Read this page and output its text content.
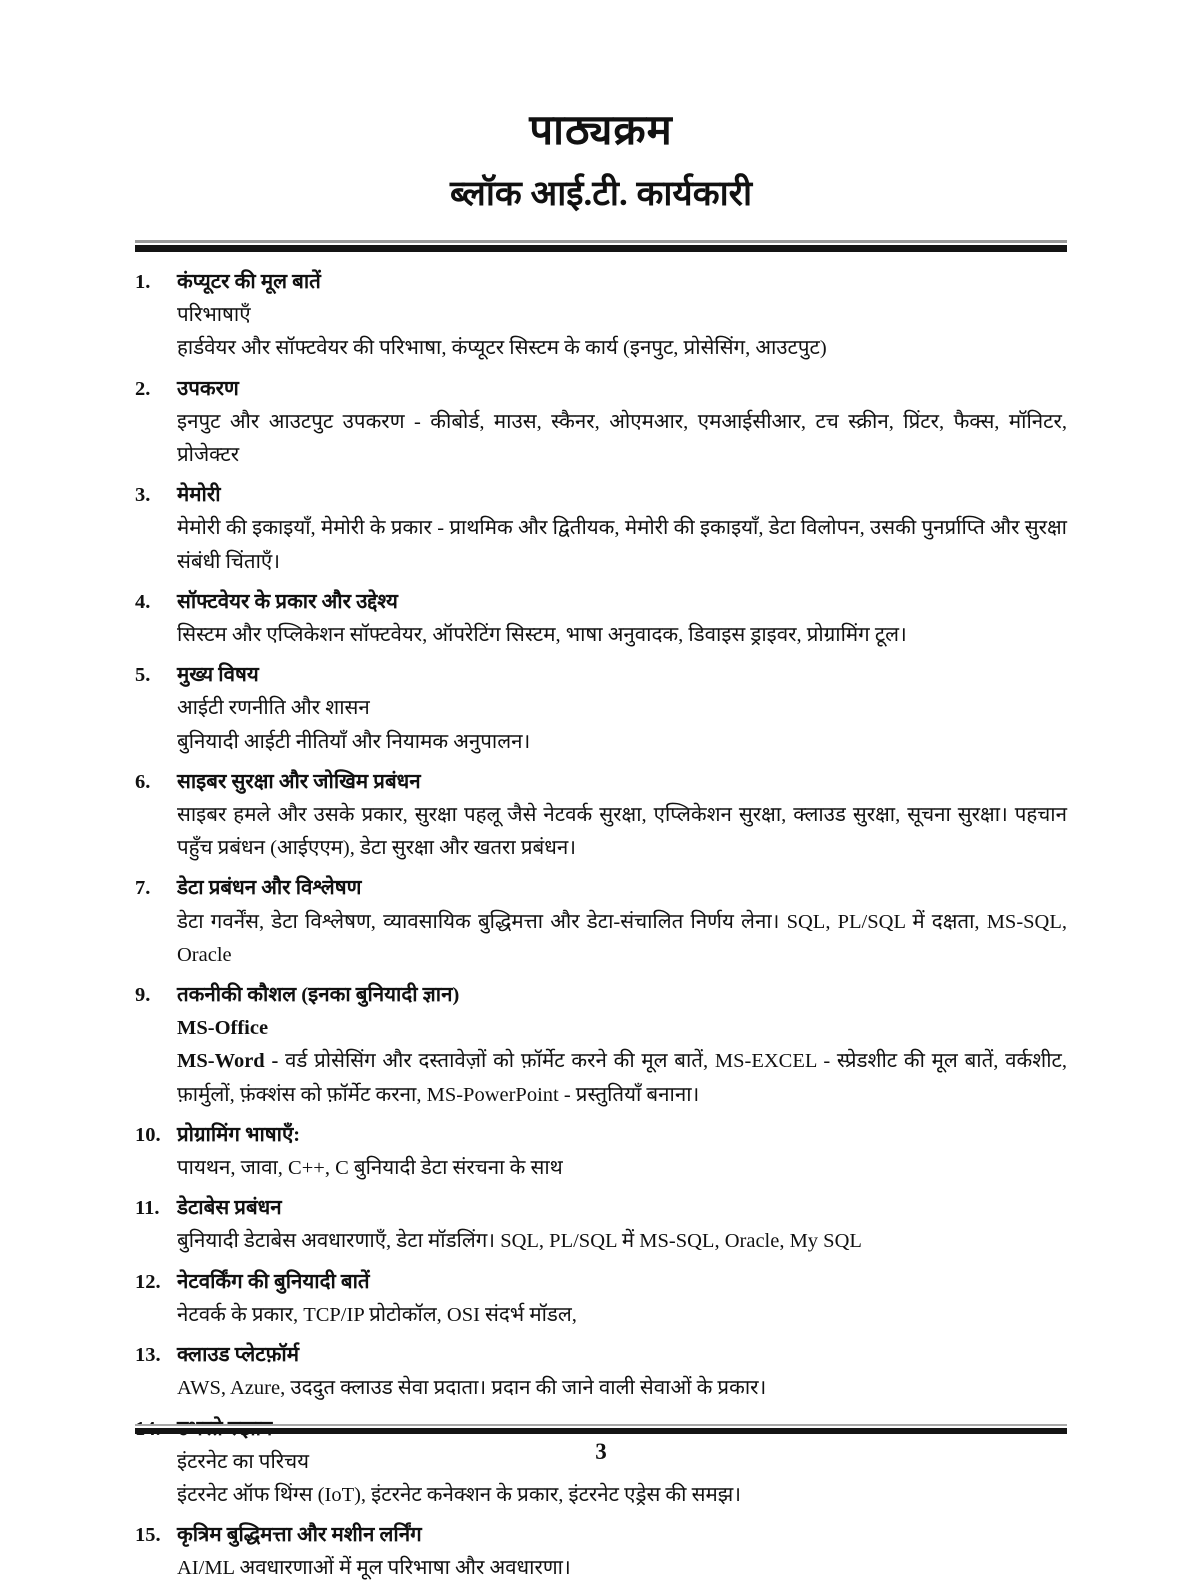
पाठ्यक्रम
ब्लॉक आई.टी. कार्यकारी
1.	कंप्यूटर की मूल बातें
परिभाषाएँ
हार्डवेयर और सॉफ्टवेयर की परिभाषा, कंप्यूटर सिस्टम के कार्य (इनपुट, प्रोसेसिंग, आउटपुट)
2.	उपकरण
इनपुट और आउटपुट उपकरण - कीबोर्ड, माउस, स्कैनर, ओएमआर, एमआईसीआर, टच स्क्रीन, प्रिंटर, फैक्स, मॉनिटर, प्रोजेक्टर
3.	मेमोरी
मेमोरी की इकाइयाँ, मेमोरी के प्रकार - प्राथमिक और द्वितीयक, मेमोरी की इकाइयाँ, डेटा विलोपन, उसकी पुनर्प्राप्ति और सुरक्षा संबंधी चिंताएँ।
4.	सॉफ्टवेयर के प्रकार और उद्देश्य
सिस्टम और एप्लिकेशन सॉफ्टवेयर, ऑपरेटिंग सिस्टम, भाषा अनुवादक, डिवाइस ड्राइवर, प्रोग्रामिंग टूल।
5.	मुख्य विषय
आईटी रणनीति और शासन
बुनियादी आईटी नीतियाँ और नियामक अनुपालन।
6.	साइबर सुरक्षा और जोखिम प्रबंधन
साइबर हमले और उसके प्रकार, सुरक्षा पहलू जैसे नेटवर्क सुरक्षा, एप्लिकेशन सुरक्षा, क्लाउड सुरक्षा, सूचना सुरक्षा। पहचान पहुँच प्रबंधन (आईएएम), डेटा सुरक्षा और खतरा प्रबंधन।
7.	डेटा प्रबंधन और विश्लेषण
डेटा गवर्नेंस, डेटा विश्लेषण, व्यावसायिक बुद्धिमत्ता और डेटा-संचालित निर्णय लेना। SQL, PL/SQL में दक्षता, MS-SQL, Oracle
9.	तकनीकी कौशल (इनका बुनियादी ज्ञान)
MS-Office
MS-Word - वर्ड प्रोसेसिंग और दस्तावेज़ों को फ़ॉर्मेट करने की मूल बातें, MS-EXCEL - स्प्रेडशीट की मूल बातें, वर्कशीट, फ़ार्मुलों, फ़ंक्शंस को फ़ॉर्मेट करना, MS-PowerPoint - प्रस्तुतियाँ बनाना।
10. प्रोग्रामिंग भाषाएँ:
पायथन, जावा, C++, C बुनियादी डेटा संरचना के साथ
11. डेटाबेस प्रबंधन
बुनियादी डेटाबेस अवधारणाएँ, डेटा मॉडलिंग। SQL, PL/SQL में MS-SQL, Oracle, My SQL
12. नेटवर्किंग की बुनियादी बातें
नेटवर्क के प्रकार, TCP/IP प्रोटोकॉल, OSI संदर्भ मॉडल,
13. क्लाउड प्लेटफ़ॉर्म
AWS, Azure, उददुत क्लाउड सेवा प्रदाता। प्रदान की जाने वाली सेवाओं के प्रकार।
इंटरनेट का परिचय
इंटरनेट ऑफ थिंग्स (IoT), इंटरनेट कनेक्शन के प्रकार, इंटरनेट एड्रेस की समझ।
15. कृत्रिम बुद्धिमत्ता और मशीन लर्निंग
AI/ML अवधारणाओं में मूल परिभाषा और अवधारणा।
3
